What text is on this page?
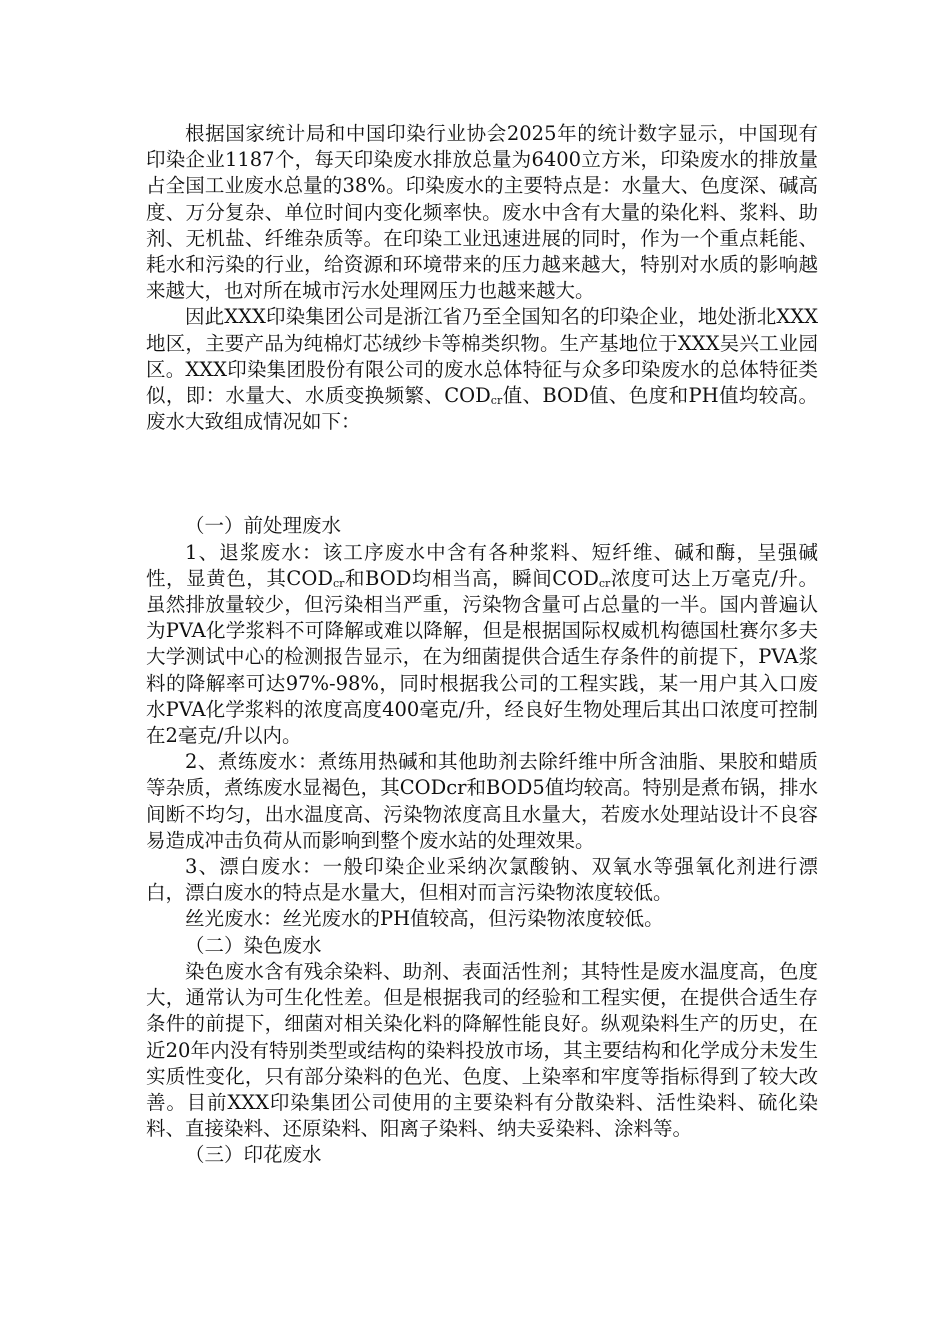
根据国家统计局和中国印染行业协会2025年的统计数字显示，中国现有印染企业1187个，每天印染废水排放总量为6400立方米，印染废水的排放量占全国工业废水总量的38%。印染废水的主要特点是：水量大、色度深、碱高度、万分复杂、单位时间内变化频率快。废水中含有大量的染化料、浆料、助剂、无机盐、纤维杂质等。在印染工业迅速进展的同时，作为一个重点耗能、耗水和污染的行业，给资源和环境带来的压力越来越大，特别对水质的影响越来越大，也对所在城市污水处理网压力也越来越大。

因此XXX印染集团公司是浙江省乃至全国知名的印染企业，地处浙北XXX地区，主要产品为纯棉灯芯绒纱卡等棉类织物。生产基地位于XXX吴兴工业园区。XXX印染集团股份有限公司的废水总体特征与众多印染废水的总体特征类似，即：水量大、水质变换频繁、$COD_{cr}$值、BOD值、色度和PH值均较高。废水大致组成情况如下：

（一）前处理废水

1、退浆废水：该工序废水中含有各种浆料、短纤维、碱和酶，呈强碱性，显黄色，其$COD_{cr}$和BOD均相当高，瞬间$COD_{cr}$浓度可达上万毫克/升。虽然排放量较少，但污染相当严重，污染物含量可占总量的一半。国内普遍认为PVA化学浆料不可降解或难以降解，但是根据国际权威机构德国杜赛尔多夫大学测试中心的检测报告显示，在为细菌提供合适生存条件的前提下，PVA浆料的降解率可达97%-98%，同时根据我公司的工程实践，某一用户其入口废水PVA化学浆料的浓度高度400毫克/升，经良好生物处理后其出口浓度可控制在2毫克/升以内。

2、煮练废水：煮练用热碱和其他助剂去除纤维中所含油脂、果胶和蜡质等杂质，煮练废水显褐色，其CODcr和BOD5值均较高。特别是煮布锅，排水间断不均匀，出水温度高、污染物浓度高且水量大，若废水处理站设计不良容易造成冲击负荷从而影响到整个废水站的处理效果。

3、漂白废水：一般印染企业采纳次氯酸钠、双氧水等强氧化剂进行漂白，漂白废水的特点是水量大，但相对而言污染物浓度较低。

丝光废水：丝光废水的PH值较高，但污染物浓度较低。

（二）染色废水

染色废水含有残余染料、助剂、表面活性剂；其特性是废水温度高，色度大，通常认为可生化性差。但是根据我司的经验和工程实便，在提供合适生存条件的前提下，细菌对相关染化料的降解性能良好。纵观染料生产的历史，在近20年内没有特别类型或结构的染料投放市场，其主要结构和化学成分未发生实质性变化，只有部分染料的色光、色度、上染率和牢度等指标得到了较大改善。目前XXX印染集团公司使用的主要染料有分散染料、活性染料、硫化染料、直接染料、还原染料、阳离子染料、纳夫妥染料、涂料等。

（三）印花废水
